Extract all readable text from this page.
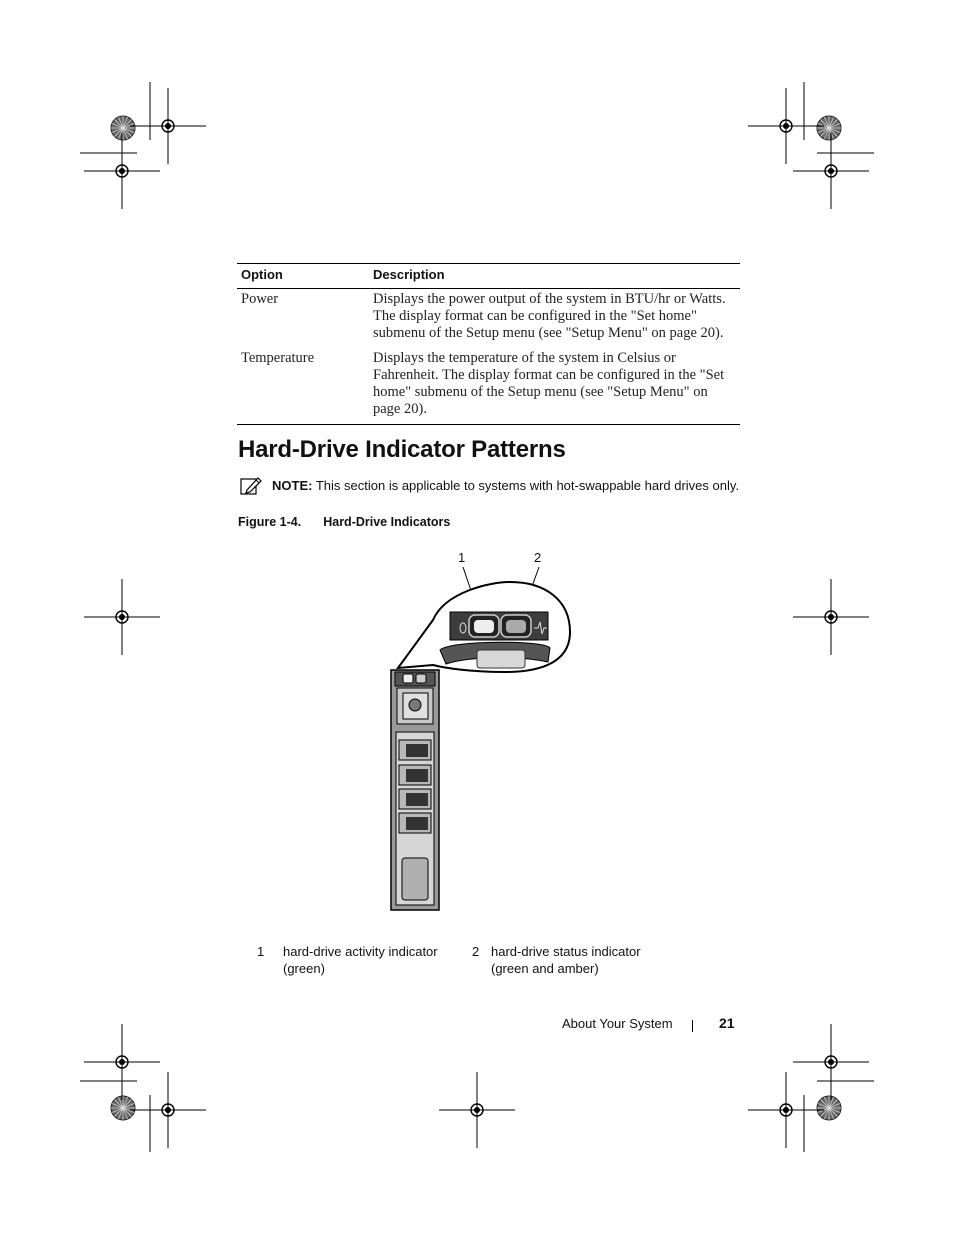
Option	Description
Power	Displays the power output of the system in BTU/hr or Watts.
The display format can be configured in the "Set home"
submenu of the Setup menu (see "Setup Menu" on page 20).
Temperature	Displays the temperature of the system in Celsius or
Fahrenheit. The display format can be configured in the "Set
home" submenu of the Setup menu (see "Setup Menu" on
page 20).
Hard-Drive Indicator Patterns
NOTE: This section is applicable to systems with hot-swappable hard drives only.
Figure 1-4. Hard-Drive Indicators
1	2
1 hard-drive activity indicator
(green)
2 hard-drive status indicator
(green and amber)
About Your System	21
